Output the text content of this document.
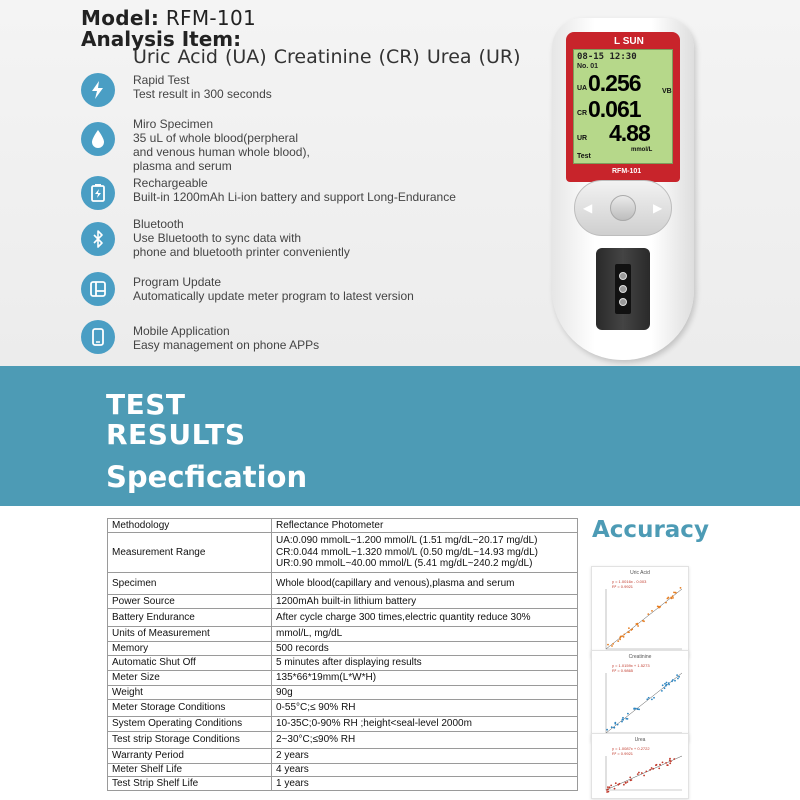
Model: RFM-101
Analysis Item:
Uric Acid (UA) Creatinine (CR) Urea (UR)
Rapid Test
Test result in 300 seconds
Miro Specimen
35 uL of whole blood(perpheral
and venous human whole blood),
plasma and serum
Rechargeable
Built-in 1200mAh Li-ion battery and support Long-Endurance
Bluetooth
Use Bluetooth to sync data with
phone and bluetooth printer conveniently
Program Update
Automatically update meter program to latest version
Mobile Application
Easy management on phone APPs
L SUN
08-15 12:30
No. 01
UA 0.256	VB
CR 0.061
UR 4.88
mmol/L
Test
RFM-101
◀	▶
TEST
RESULTS
Specfication
Methodology	Reflectance Photometer
Measurement Range	UA:0.090 mmolL~1.200 mmol/L (1.51 mg/dL~20.17 mg/dL)
CR:0.044 mmolL~1.320 mmol/L (0.50 mg/dL~14.93 mg/dL)
UR:0.90 mmolL~40.00 mmol/L (5.41 mg/dL~240.2 mg/dL)
Specimen	Whole blood(capillary and venous),plasma and serum
Power Source	1200mAh built-in lithium battery
Battery Endurance	After cycle charge 300 times,electric quantity reduce 30%
Units of Measurement	mmol/L, mg/dL
Memory	500 records
Automatic Shut Off	5 minutes after displaying results
Meter Size	135*66*19mm(L*W*H)
Weight	90g
Meter Storage Conditions	0-55°C;≤ 90% RH
System Operating Conditions	10-35C;0-90% RH ;height<seal-level 2000m
Test strip Storage Conditions	2~30°C;≤90% RH
Warranty Period	2 years
Meter Shelf Life	4 years
Test Strip Shelf Life	1 years
Accuracy
Uric Acid
y = 1.0016x - 0.003
R² = 0.9921
Creatinine
y = 1.0159x + 1.5273
R² = 0.9865
Urea
y = 1.0087x + 0.2722
R² = 0.9921
